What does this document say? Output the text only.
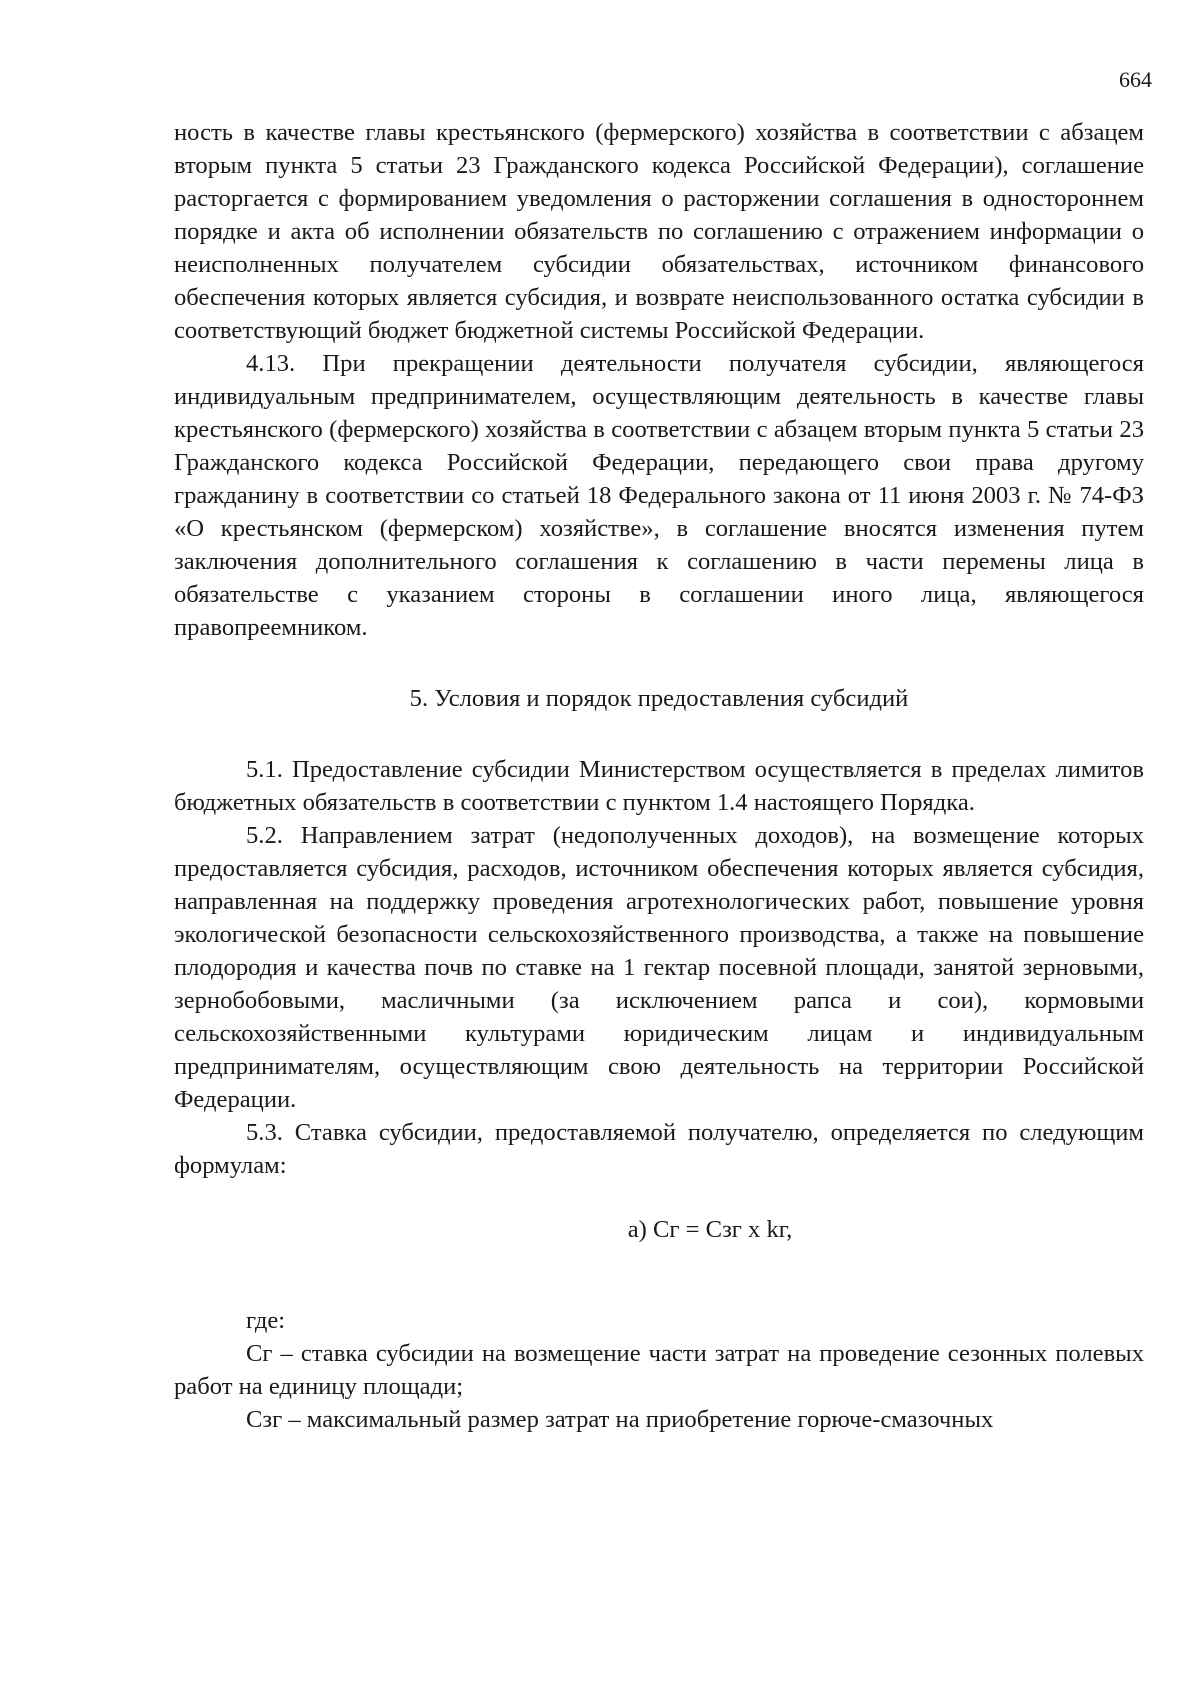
664

ность в качестве главы крестьянского (фермерского) хозяйства в соответствии с абзацем вторым пункта 5 статьи 23 Гражданского кодекса Российской Федерации), соглашение расторгается с формированием уведомления о расторжении соглашения в одностороннем порядке и акта об исполнении обязательств по соглашению с отражением информации о неисполненных получателем субсидии обязательствах, источником финансового обеспечения которых является субсидия, и возврате неиспользованного остатка субсидии в соответствующий бюджет бюджетной системы Российской Федерации.

4.13. При прекращении деятельности получателя субсидии, являющегося индивидуальным предпринимателем, осуществляющим деятельность в качестве главы крестьянского (фермерского) хозяйства в соответствии с абзацем вторым пункта 5 статьи 23 Гражданского кодекса Российской Федерации, передающего свои права другому гражданину в соответствии со статьей 18 Федерального закона от 11 июня 2003 г. № 74-ФЗ «О крестьянском (фермерском) хозяйстве», в соглашение вносятся изменения путем заключения дополнительного соглашения к соглашению в части перемены лица в обязательстве с указанием стороны в соглашении иного лица, являющегося правопреемником.

5. Условия и порядок предоставления субсидий

5.1. Предоставление субсидии Министерством осуществляется в пределах лимитов бюджетных обязательств в соответствии с пунктом 1.4 настоящего Порядка.

5.2. Направлением затрат (недополученных доходов), на возмещение которых предоставляется субсидия, расходов, источником обеспечения которых является субсидия, направленная на поддержку проведения агротехнологических работ, повышение уровня экологической безопасности сельскохозяйственного производства, а также на повышение плодородия и качества почв по ставке на 1 гектар посевной площади, занятой зерновыми, зернобобовыми, масличными (за исключением рапса и сои), кормовыми сельскохозяйственными культурами юридическим лицам и индивидуальным предпринимателям, осуществляющим свою деятельность на территории Российской Федерации.

5.3. Ставка субсидии, предоставляемой получателю, определяется по следующим формулам:

а) Сг = Сзг х kг,

где:

Сг – ставка субсидии на возмещение части затрат на проведение сезонных полевых работ на единицу площади;

Сзг – максимальный размер затрат на приобретение горюче-смазочных
